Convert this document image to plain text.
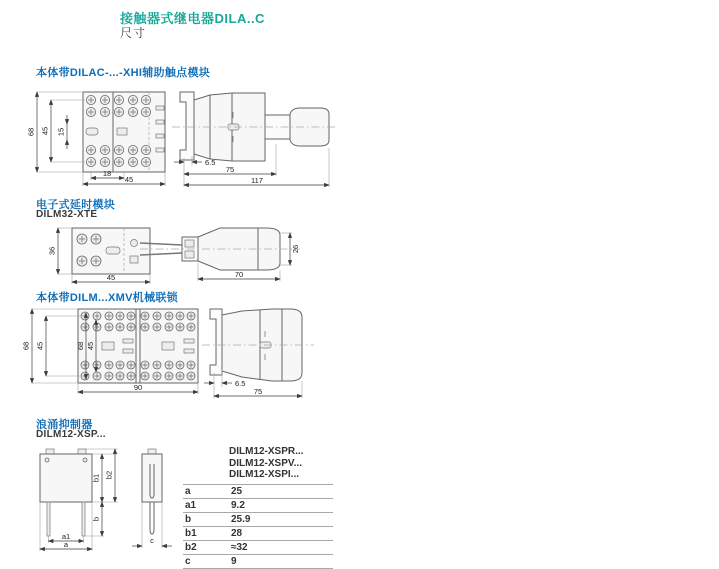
接触器式继电器DILA..C
尺寸
本体带DILAC-...-XHI辅助触点模块
68 45 15
18
45
6.5
75
117
电子式延时模块
DILM32-XTE
36
45	70
26
本体带DILM...XMV机械联锁
68 45
68 45
90	6.5
75
浪涌抑制器
DILM12-XSP...
b1 b2
b
a1
a	c
DILM12-XSPR...
DILM12-XSPV...
DILM12-XSPI...
a	25
a1	9.2
b	25.9
b1	28
b2	≈32
c	9
